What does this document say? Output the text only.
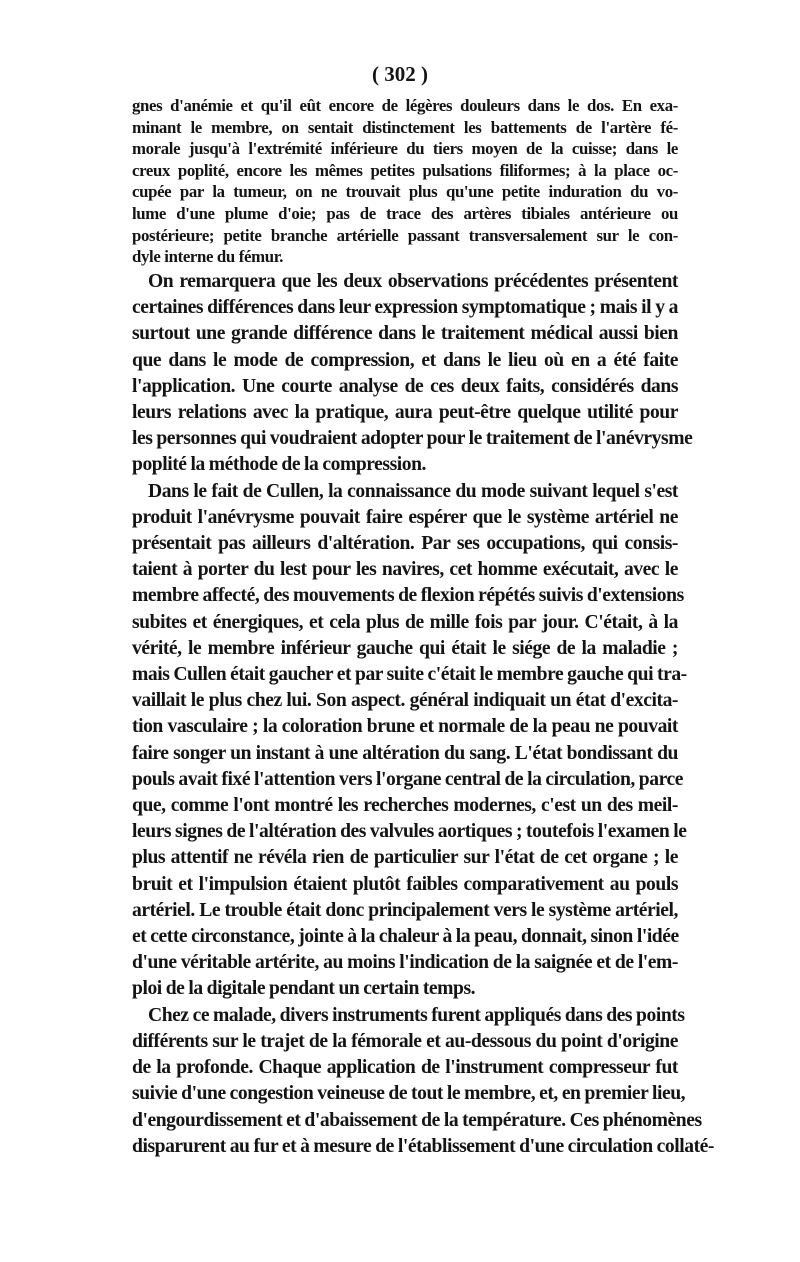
( 302 )
gnes d'anémie et qu'il eût encore de légères douleurs dans le dos. En exa-
minant le membre, on sentait distinctement les battements de l'artère fé-
morale jusqu'à l'extrémité inférieure du tiers moyen de la cuisse; dans le
creux poplité, encore les mêmes petites pulsations filiformes; à la place oc-
cupée par la tumeur, on ne trouvait plus qu'une petite induration du vo-
lume d'une plume d'oie; pas de trace des artères tibiales antérieure ou
postérieure; petite branche artérielle passant transversalement sur le con-
dyle interne du fémur.
On remarquera que les deux observations précédentes présentent
certaines différences dans leur expression symptomatique ; mais il y a
surtout une grande différence dans le traitement médical aussi bien
que dans le mode de compression, et dans le lieu où en a été faite
l'application. Une courte analyse de ces deux faits, considérés dans
leurs relations avec la pratique, aura peut-être quelque utilité pour
les personnes qui voudraient adopter pour le traitement de l'anévrysme
poplité la méthode de la compression.
Dans le fait de Cullen, la connaissance du mode suivant lequel s'est
produit l'anévrysme pouvait faire espérer que le système artériel ne
présentait pas ailleurs d'altération. Par ses occupations, qui consis-
taient à porter du lest pour les navires, cet homme exécutait, avec le
membre affecté, des mouvements de flexion répétés suivis d'extensions
subites et énergiques, et cela plus de mille fois par jour. C'était, à la
vérité, le membre inférieur gauche qui était le siége de la maladie ;
mais Cullen était gaucher et par suite c'était le membre gauche qui tra-
vaillait le plus chez lui. Son aspect. général indiquait un état d'excita-
tion vasculaire ; la coloration brune et normale de la peau ne pouvait
faire songer un instant à une altération du sang. L'état bondissant du
pouls avait fixé l'attention vers l'organe central de la circulation, parce
que, comme l'ont montré les recherches modernes, c'est un des meil-
leurs signes de l'altération des valvules aortiques ; toutefois l'examen le
plus attentif ne révéla rien de particulier sur l'état de cet organe ; le
bruit et l'impulsion étaient plutôt faibles comparativement au pouls
artériel. Le trouble était donc principalement vers le système artériel,
et cette circonstance, jointe à la chaleur à la peau, donnait, sinon l'idée
d'une véritable artérite, au moins l'indication de la saignée et de l'em-
ploi de la digitale pendant un certain temps.
Chez ce malade, divers instruments furent appliqués dans des points
différents sur le trajet de la fémorale et au-dessous du point d'origine
de la profonde. Chaque application de l'instrument compresseur fut
suivie d'une congestion veineuse de tout le membre, et, en premier lieu,
d'engourdissement et d'abaissement de la température. Ces phénomènes
disparurent au fur et à mesure de l'établissement d'une circulation collaté-
